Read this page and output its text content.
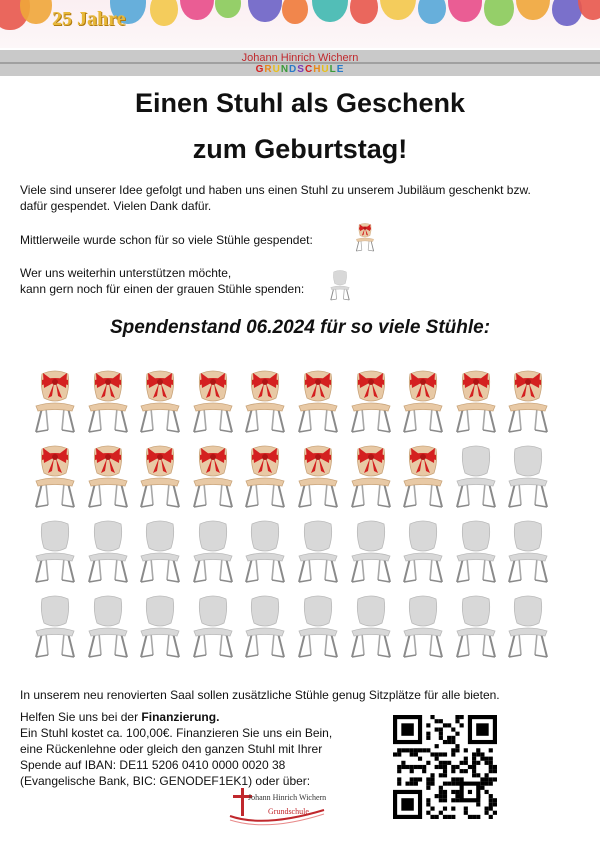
25 Jahre
Johann Hinrich Wichern
GRUNDSCHULE
Einen Stuhl als Geschenk
zum Geburtstag!
Viele sind unserer Idee gefolgt und haben uns einen Stuhl zu unserem Jubiläum geschenkt bzw.
dafür gespendet. Vielen Dank dafür.
Mittlerweile wurde schon für so viele Stühle gespendet:
Wer uns weiterhin unterstützen möchte,
kann gern noch für einen der grauen Stühle spenden:
Spendenstand 06.2024 für so viele Stühle:
In unserem neu renovierten Saal sollen zusätzliche Stühle genug Sitzplätze für alle bieten.
Helfen Sie uns bei der Finanzierung.
Ein Stuhl kostet ca. 100,00€. Finanzieren Sie uns ein Bein,
eine Rückenlehne oder gleich den ganzen Stuhl mit Ihrer
Spende auf IBAN: DE11 5206 0410 0000 0020 38
(Evangelische Bank, BIC: GENODEF1EK1) oder über:
Johann Hinrich Wichern
Grundschule
